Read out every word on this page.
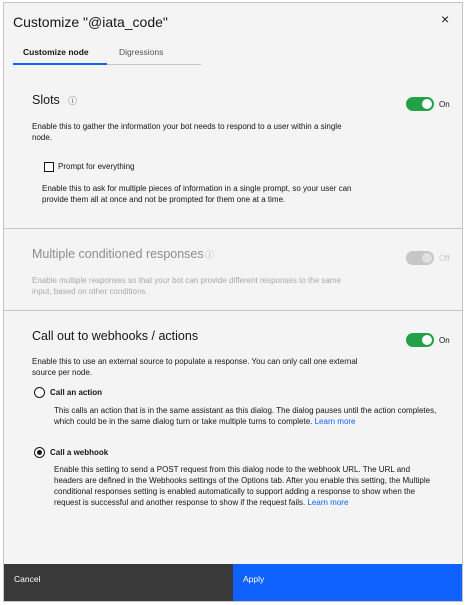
Customize "@iata_code"	×
Customize node	Digressions
Slots ⓘ	On
Enable this to gather the information your bot needs to respond to a user within a single node.
Prompt for everything
Enable this to ask for multiple pieces of information in a single prompt, so your user can provide them all at once and not be prompted for them one at a time.
Multiple conditioned responses ⓘ	Off
Enable multiple responses so that your bot can provide different responses to the same input, based on other conditions.
Call out to webhooks / actions	On
Enable this to use an external source to populate a response. You can only call one external source per node.
Call an action
This calls an action that is in the same assistant as this dialog. The dialog pauses until the action completes, which could be in the same dialog turn or take multiple turns to complete. Learn more
Call a webhook
Enable this setting to send a POST request from this dialog node to the webhook URL. The URL and headers are defined in the Webhooks settings of the Options tab. After you enable this setting, the Multiple conditional responses setting is enabled automatically to support adding a response to show when the request is successful and another response to show if the request fails. Learn more
Cancel	Apply
